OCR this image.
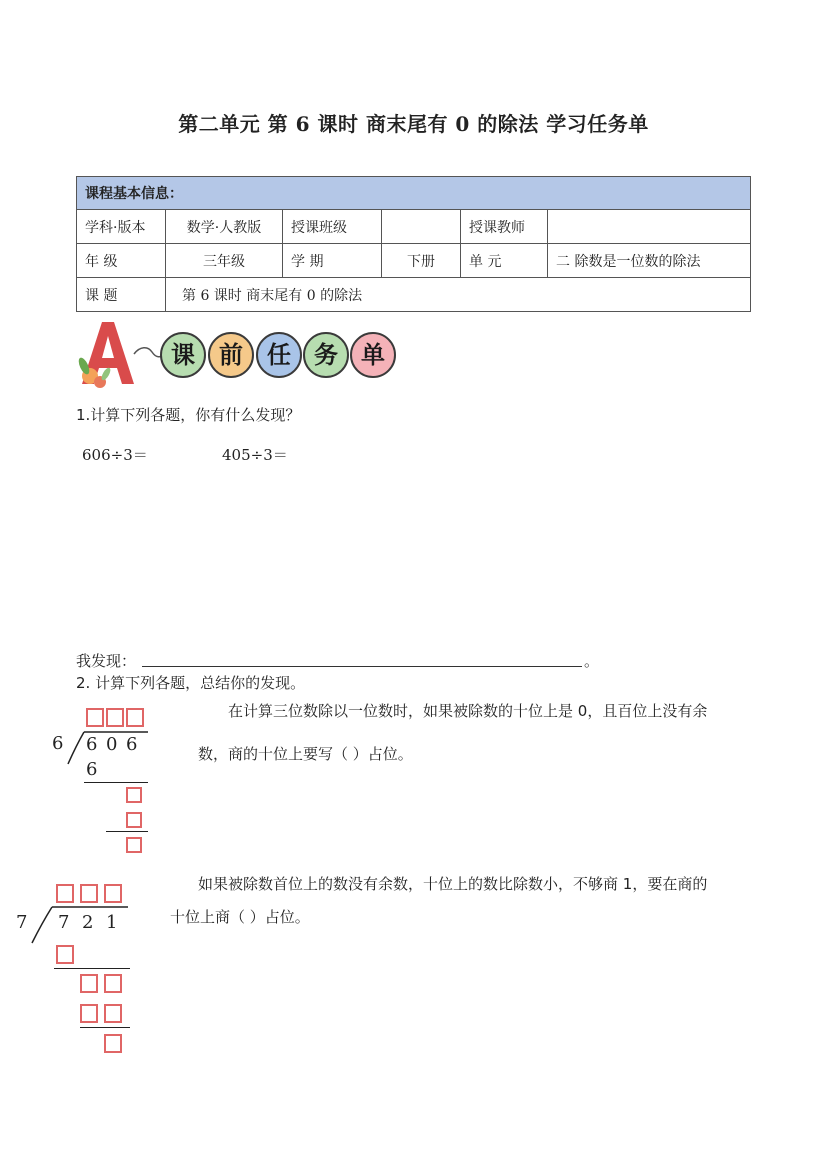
第二单元 第 6 课时 商末尾有 0 的除法 学习任务单
课程基本信息：					
学科·版本	数学·人教版	授课班级		授课教师	
年 级	三年级	学 期	下册	单 元	二 除数是一位数的除法
课 题	第 6 课时 商末尾有 0 的除法				
课	前	任 务 单
1.计算下列各题，你有什么发现？
606÷3＝	405÷3＝
我发现：	。
2. 计算下列各题，总结你的发现。
6 6 0 6
6
在计算三位数除以一位数时，如果被除数的十位上是 0，且百位上没有余
数，商的十位上要写（ ）占位。
7 7 2 1
如果被除数首位上的数没有余数，十位上的数比除数小，不够商 1，要在商的
十位上商（ ）占位。
